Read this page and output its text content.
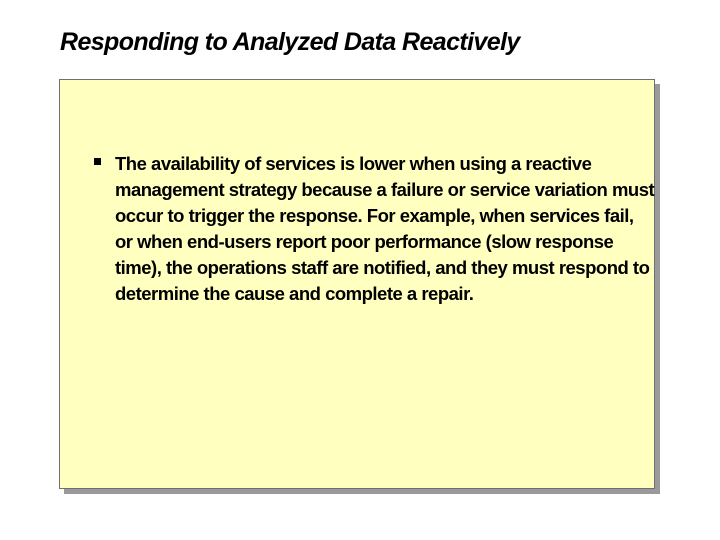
Responding to Analyzed Data Reactively

The availability of services is lower when using a reactive management strategy because a failure or service variation must occur to trigger the response. For example, when services fail, or when end-users report poor performance (slow response time), the operations staff are notified, and they must respond to determine the cause and complete a repair.
